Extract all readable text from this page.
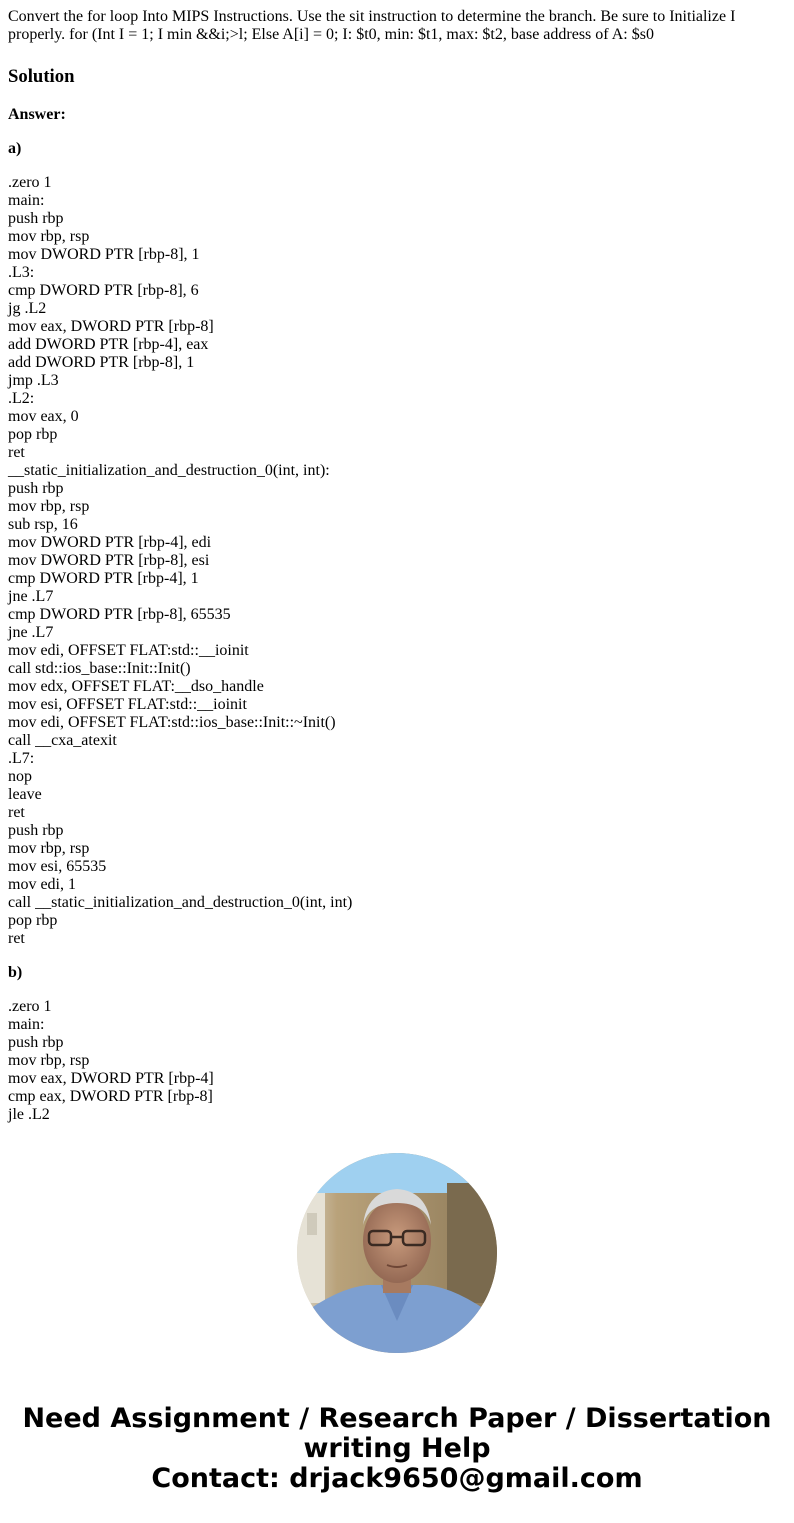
Convert the for loop Into MIPS Instructions. Use the sit instruction to determine the branch. Be sure to Initialize I properly. for (Int I = 1; I min &&i;>l; Else A[i] = 0; I: $t0, min: $t1, max: $t2, base address of A: $s0

Solution

Answer:

a)

.zero 1
main:
push rbp
mov rbp, rsp
mov DWORD PTR [rbp-8], 1
.L3:
cmp DWORD PTR [rbp-8], 6
jg .L2
mov eax, DWORD PTR [rbp-8]
add DWORD PTR [rbp-4], eax
add DWORD PTR [rbp-8], 1
jmp .L3
.L2:
mov eax, 0
pop rbp
ret
__static_initialization_and_destruction_0(int, int):
push rbp
mov rbp, rsp
sub rsp, 16
mov DWORD PTR [rbp-4], edi
mov DWORD PTR [rbp-8], esi
cmp DWORD PTR [rbp-4], 1
jne .L7
cmp DWORD PTR [rbp-8], 65535
jne .L7
mov edi, OFFSET FLAT:std::__ioinit
call std::ios_base::Init::Init()
mov edx, OFFSET FLAT:__dso_handle
mov esi, OFFSET FLAT:std::__ioinit
mov edi, OFFSET FLAT:std::ios_base::Init::~Init()
call __cxa_atexit
.L7:
nop
leave
ret
push rbp
mov rbp, rsp
mov esi, 65535
mov edi, 1
call __static_initialization_and_destruction_0(int, int)
pop rbp
ret

b)

.zero 1
main:
push rbp
mov rbp, rsp
mov eax, DWORD PTR [rbp-4]
cmp eax, DWORD PTR [rbp-8]
jle .L2
Need Assignment / Research Paper / Dissertation
writing Help
Contact: drjack9650@gmail.com
